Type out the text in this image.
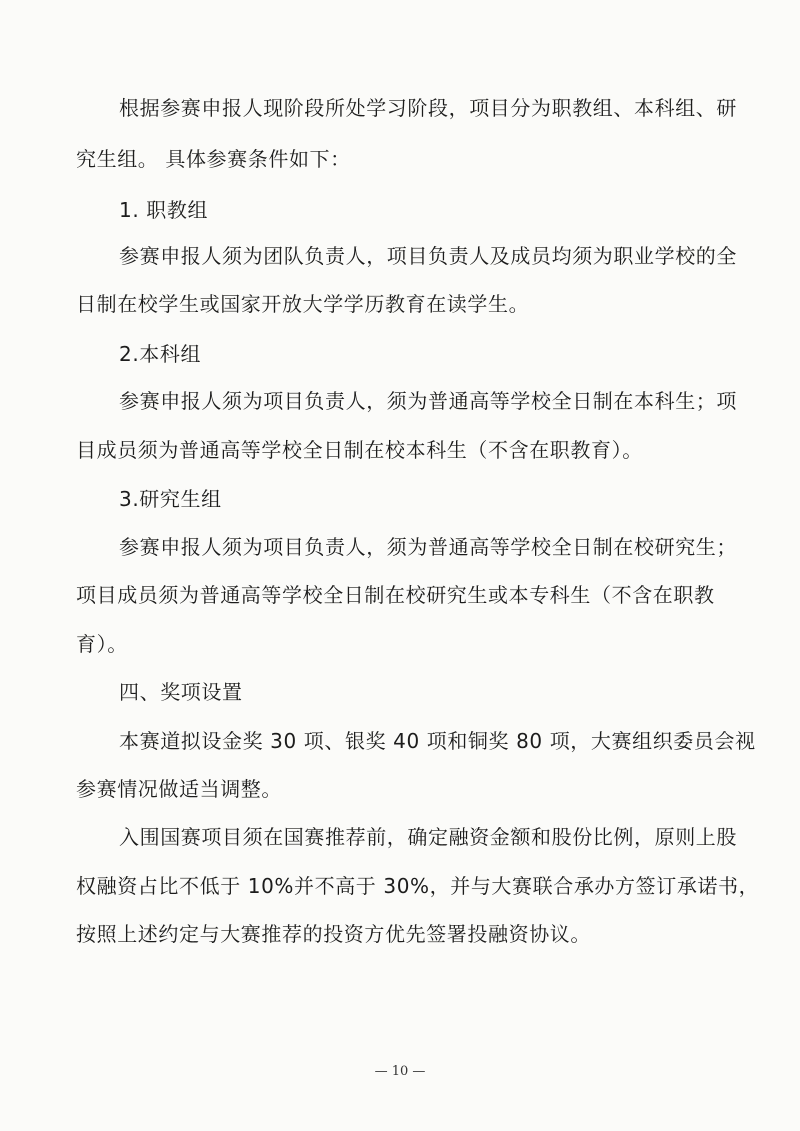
根据参赛申报人现阶段所处学习阶段，项目分为职教组、本科组、研
究生组。 具体参赛条件如下：
1. 职教组
参赛申报人须为团队负责人，项目负责人及成员均须为职业学校的全
日制在校学生或国家开放大学学历教育在读学生。
2.本科组
参赛申报人须为项目负责人，须为普通高等学校全日制在本科生；项
目成员须为普通高等学校全日制在校本科生（不含在职教育）。
3.研究生组
参赛申报人须为项目负责人，须为普通高等学校全日制在校研究生；
项目成员须为普通高等学校全日制在校研究生或本专科生（不含在职教
育）。
四、奖项设置
本赛道拟设金奖 30 项、银奖 40 项和铜奖 80 项，大赛组织委员会视
参赛情况做适当调整。
入围国赛项目须在国赛推荐前，确定融资金额和股份比例，原则上股
权融资占比不低于 10%并不高于 30%，并与大赛联合承办方签订承诺书，
按照上述约定与大赛推荐的投资方优先签署投融资协议。
— 10 —
